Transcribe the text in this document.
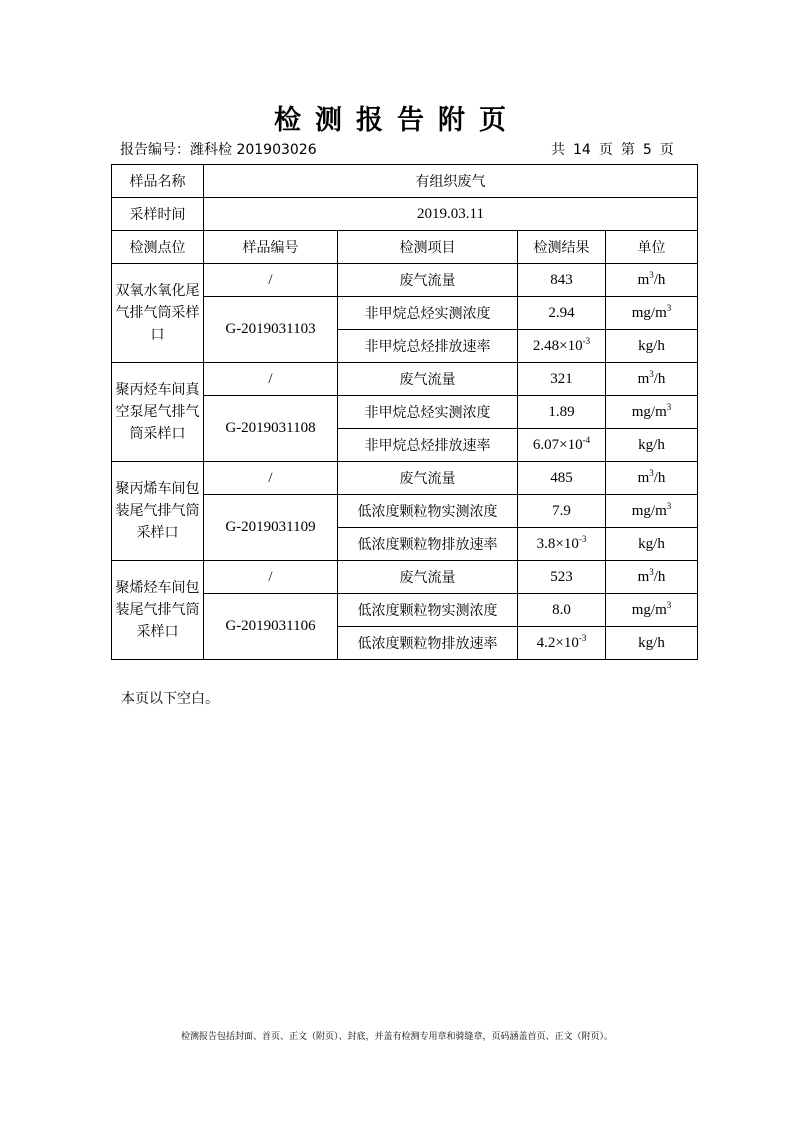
检测报告附页
报告编号：潍科检 201903026	共 14 页 第 5 页
样品名称	有组织废气			
采样时间	2019.03.11			
检测点位	样品编号	检测项目	检测结果	单位
双氧水氧化尾气排气筒采样口	/	废气流量	843	$m^3/h$
	G-2019031103	非甲烷总烃实测浓度	2.94	$mg/m^3$
		非甲烷总烃排放速率	$2.48\times 10^{-3}$	kg/h
聚丙烃车间真空泵尾气排气筒采样口	/	废气流量	321	$m^3/h$
	G-2019031108	非甲烷总烃实测浓度	1.89	$mg/m^3$
		非甲烷总烃排放速率	$6.07\times 10^{-4}$	kg/h
聚丙烯车间包装尾气排气筒采样口	/	废气流量	485	$m^3/h$
	G-2019031109	低浓度颗粒物实测浓度	7.9	$mg/m^3$
		低浓度颗粒物排放速率	$3.8\times 10^{-3}$	kg/h
聚烯烃车间包装尾气排气筒采样口	/	废气流量	523	$m^3/h$
	G-2019031106	低浓度颗粒物实测浓度	8.0	$mg/m^3$
		低浓度颗粒物排放速率	$4.2\times 10^{-3}$	kg/h
本页以下空白。
检测报告包括封面、首页、正文（附页）、封底，并盖有检测专用章和骑缝章，页码涵盖首页、正文（附页）。
